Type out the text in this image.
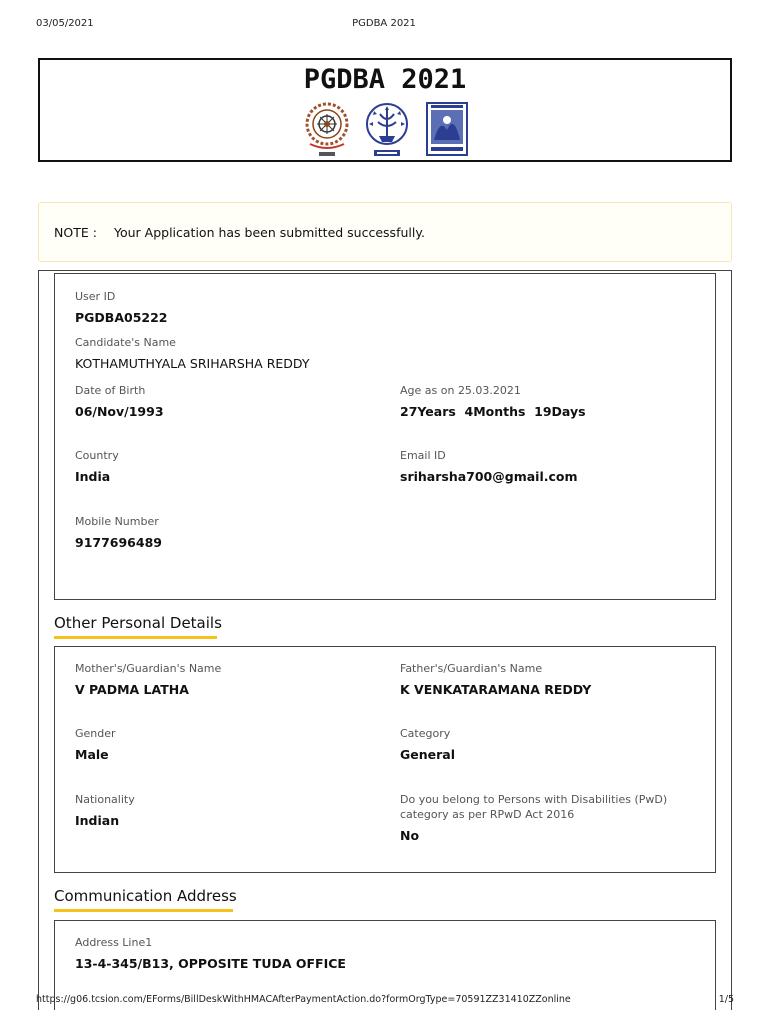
03/05/2021	PGDBA 2021
PGDBA 2021
NOTE : Your Application has been submitted successfully.
User ID
PGDBA05222
Candidate's Name
KOTHAMUTHYALA SRIHARSHA REDDY
Date of Birth
06/Nov/1993
Age as on 25.03.2021
27Years  4Months  19Days
Country
India
Email ID
sriharsha700@gmail.com
Mobile Number
9177696489
Other Personal Details
Mother's/Guardian's Name
V PADMA LATHA
Father's/Guardian's Name
K VENKATARAMANA REDDY
Gender
Male
Category
General
Nationality
Indian
Do you belong to Persons with Disabilities (PwD) category as per RPwD Act 2016
No
Communication Address
Address Line1
13-4-345/B13, OPPOSITE TUDA OFFICE
https://g06.tcsion.com/EForms/BillDeskWithHMACAfterPaymentAction.do?formOrgType=70591ZZ31410ZZonline	1/5
